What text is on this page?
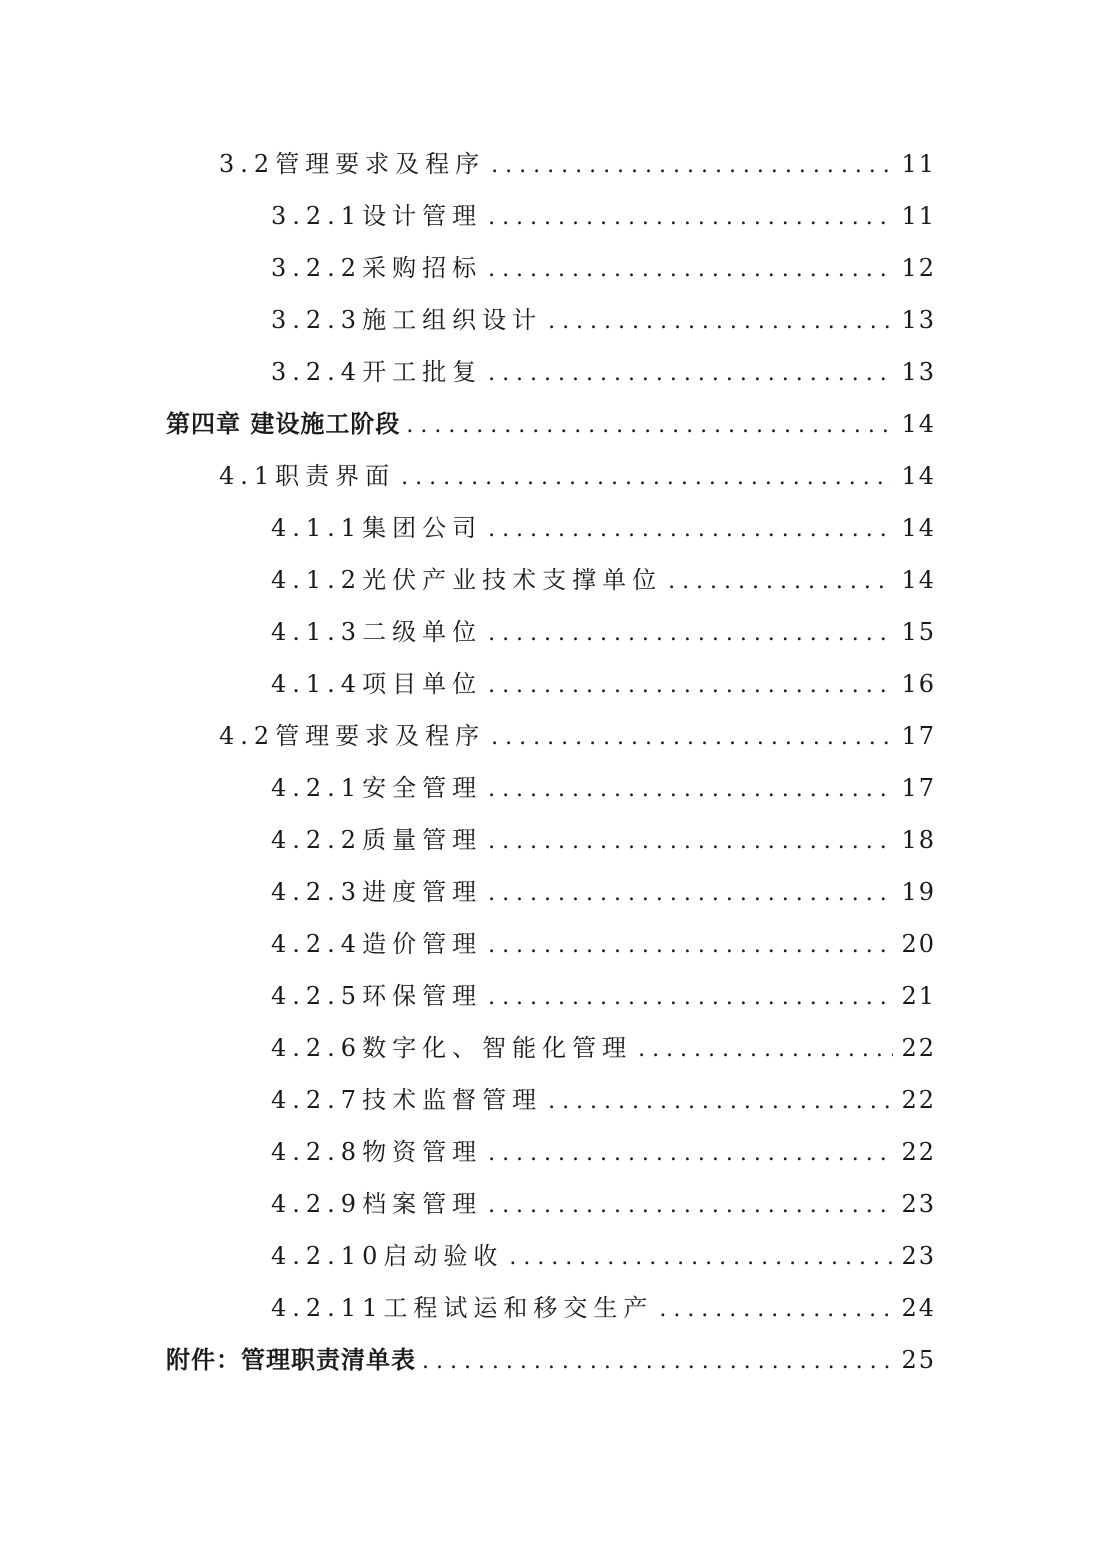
3.2管理要求及程序 . . .	11
3.2.1设计管理 . . .	11
3.2.2采购招标 . . .	12
3.2.3施工组织设计 . . .	13
3.2.4开工批复 . . .	13
第四章 建设施工阶段 . . .	14
4.1职责界面 . . .	14
4.1.1集团公司 . . .	14
4.1.2光伏产业技术支撑单位 . . .	14
4.1.3二级单位 . . .	15
4.1.4项目单位 . . .	16
4.2管理要求及程序 . . .	17
4.2.1安全管理 . . .	17
4.2.2质量管理 . . .	18
4.2.3进度管理 . . .	19
4.2.4造价管理 . . .	20
4.2.5环保管理 . . .	21
4.2.6数字化、智能化管理 . . .	22
4.2.7技术监督管理 . . .	22
4.2.8物资管理 . . .	22
4.2.9档案管理 . . .	23
4.2.10启动验收 . . .	23
4.2.11工程试运和移交生产 . . .	24
附件：管理职责清单表 . . .	25
